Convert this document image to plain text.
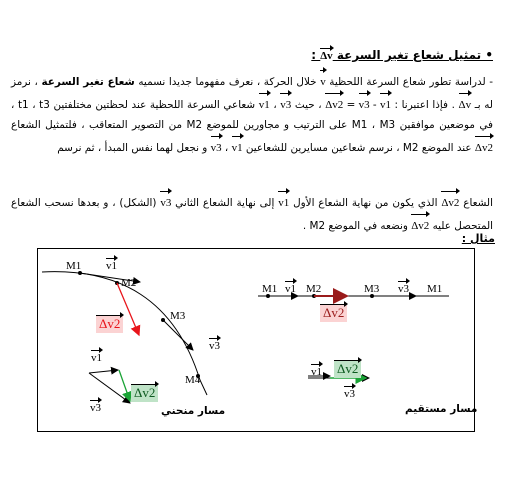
• تمثيل شعاع تغير السرعة Δv :
- لدراسة تطور شعاع السرعة اللحظية v خلال الحركة ، نعرف مفهوما جديدا نسميه شعاع تغير السرعة ، نرمز له بـ Δv . فإذا اعتبرنا : Δv2 = v3 - v1 ، حيث v3 ، v1 شعاعي السرعة اللحظية عند لحظتين مختلفتين t1 ، t3 ، في موضعين موافقين M1 ، M3 على الترتيب و مجاورين للموضع M2 من التصوير المتعاقب ، فلتمثيل الشعاع Δv2 عند الموضع M2 ، نرسم شعاعين مسايرين للشعاعين v1 ، v3 و نجعل لهما نفس المبدأ ، ثم نرسم
الشعاع Δv2 الذي يكون من نهاية الشعاع الأول v1 إلى نهاية الشعاع الثاني v3 (الشكل) ، و بعدها نسحب الشعاع المتحصل عليه Δv2 ونضعه في الموضع M2 .
مثال :
M1 v1
M2
M3
v3
M4
Δv2
v1
Δv2
v3
M1 v1 M2	M3 v3 M1
Δv2
v1 Δv2
v3
مسار منحني	مسار مستقيم
